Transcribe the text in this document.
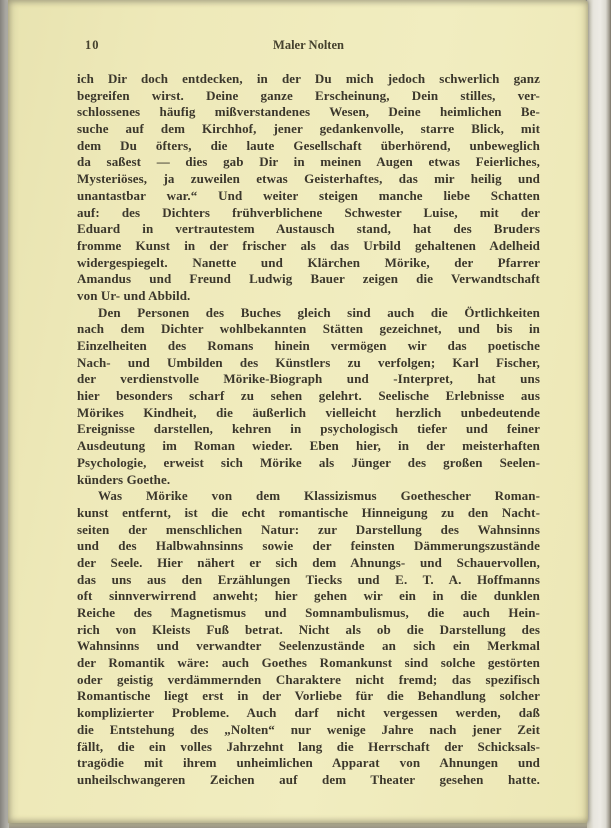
10	Maler Nolten
ich Dir doch entdecken, in der Du mich jedoch schwerlich ganz
begreifen wirst. Deine ganze Erscheinung, Dein stilles, ver-
schlossenes häufig mißverstandenes Wesen, Deine heimlichen Be-
suche auf dem Kirchhof, jener gedankenvolle, starre Blick, mit
dem Du öfters, die laute Gesellschaft überhörend, unbeweglich
da saßest — dies gab Dir in meinen Augen etwas Feierliches,
Mysteriöses, ja zuweilen etwas Geisterhaftes, das mir heilig und
unantastbar war.“ Und weiter steigen manche liebe Schatten
auf: des Dichters frühverblichene Schwester Luise, mit der
Eduard in vertrautestem Austausch stand, hat des Bruders
fromme Kunst in der frischer als das Urbild gehaltenen Adelheid
widergespiegelt. Nanette und Klärchen Mörike, der Pfarrer
Amandus und Freund Ludwig Bauer zeigen die Verwandtschaft
von Ur- und Abbild.
Den Personen des Buches gleich sind auch die Örtlichkeiten
nach dem Dichter wohlbekannten Stätten gezeichnet, und bis in
Einzelheiten des Romans hinein vermögen wir das poetische
Nach- und Umbilden des Künstlers zu verfolgen; Karl Fischer,
der verdienstvolle Mörike-Biograph und -Interpret, hat uns
hier besonders scharf zu sehen gelehrt. Seelische Erlebnisse aus
Mörikes Kindheit, die äußerlich vielleicht herzlich unbedeutende
Ereignisse darstellen, kehren in psychologisch tiefer und feiner
Ausdeutung im Roman wieder. Eben hier, in der meisterhaften
Psychologie, erweist sich Mörike als Jünger des großen Seelen-
künders Goethe.
Was Mörike von dem Klassizismus Goethescher Roman-
kunst entfernt, ist die echt romantische Hinneigung zu den Nacht-
seiten der menschlichen Natur: zur Darstellung des Wahnsinns
und des Halbwahnsinns sowie der feinsten Dämmerungszustände
der Seele. Hier nähert er sich dem Ahnungs- und Schauervollen,
das uns aus den Erzählungen Tiecks und E. T. A. Hoffmanns
oft sinnverwirrend anweht; hier gehen wir ein in die dunklen
Reiche des Magnetismus und Somnambulismus, die auch Hein-
rich von Kleists Fuß betrat. Nicht als ob die Darstellung des
Wahnsinns und verwandter Seelenzustände an sich ein Merkmal
der Romantik wäre: auch Goethes Romankunst sind solche gestörten
oder geistig verdämmernden Charaktere nicht fremd; das spezifisch
Romantische liegt erst in der Vorliebe für die Behandlung solcher
komplizierter Probleme. Auch darf nicht vergessen werden, daß
die Entstehung des „Nolten“ nur wenige Jahre nach jener Zeit
fällt, die ein volles Jahrzehnt lang die Herrschaft der Schicksals-
tragödie mit ihrem unheimlichen Apparat von Ahnungen und
unheilschwangeren Zeichen auf dem Theater gesehen hatte.
